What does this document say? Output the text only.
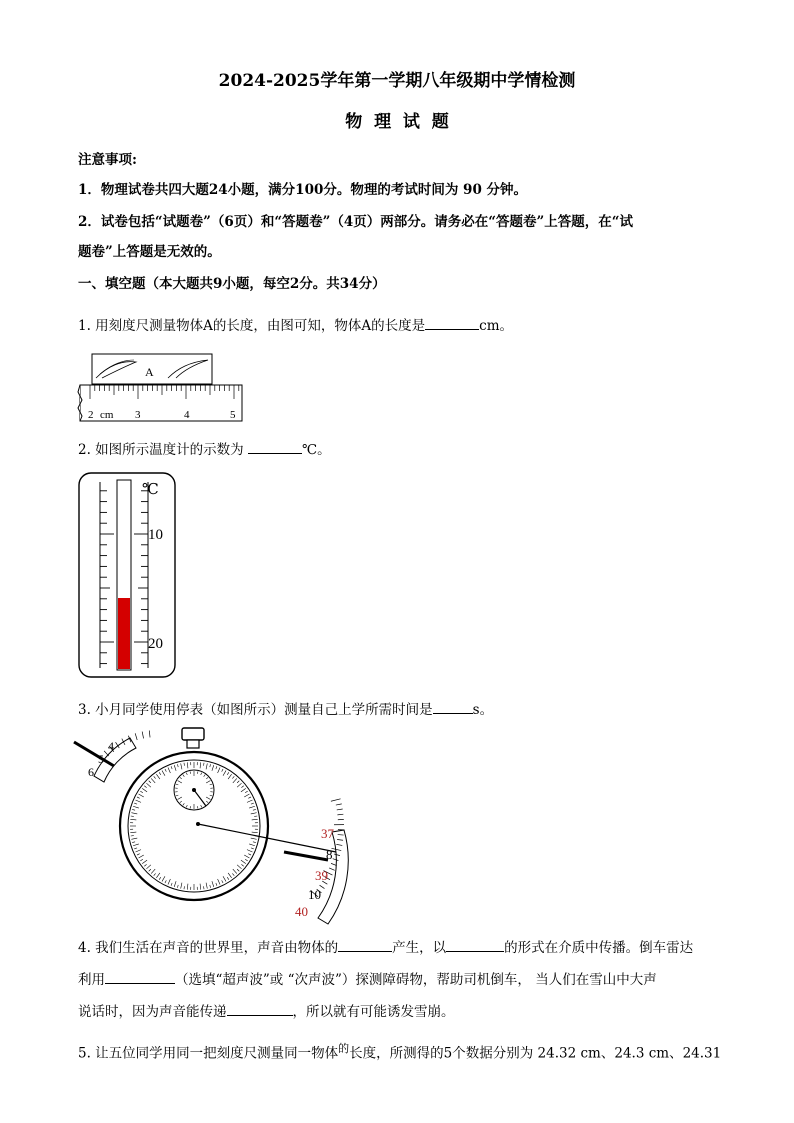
2024-2025学年第一学期八年级期中学情检测
物  理  试  题
注意事项:
1．物理试卷共四大题24小题，满分100分。物理的考试时间为 90 分钟。
2．试卷包括“试题卷”（6页）和“答题卷”（4页）两部分。请务必在“答题卷”上答题，在“试
题卷”上答题是无效的。
一、填空题（本大题共9小题，每空2分。共34分）
1. 用刻度尺测量物体A的长度，由图可知，物体A的长度是	cm。
A
2 cm 3	4	5
2. 如图所示温度计的示数为	℃。
℃
10
20
3. 小月同学使用停表（如图所示）测量自己上学所需时间是	s。
4
5
6
37
8
39
10
40
4. 我们生活在声音的世界里，声音由物体的	产生，以	的形式在介质中传播。倒车雷达
利用	（选填“超声波”或 “次声波”）探测障碍物，帮助司机倒车， 当人们在雪山中大声
说话时，因为声音能传递	，所以就有可能诱发雪崩。
5. 让五位同学用同一把刻度尺测量同一物体$^的$长度，所测得的5个数据分别为 24.32 cm、24.3 cm、24.31
